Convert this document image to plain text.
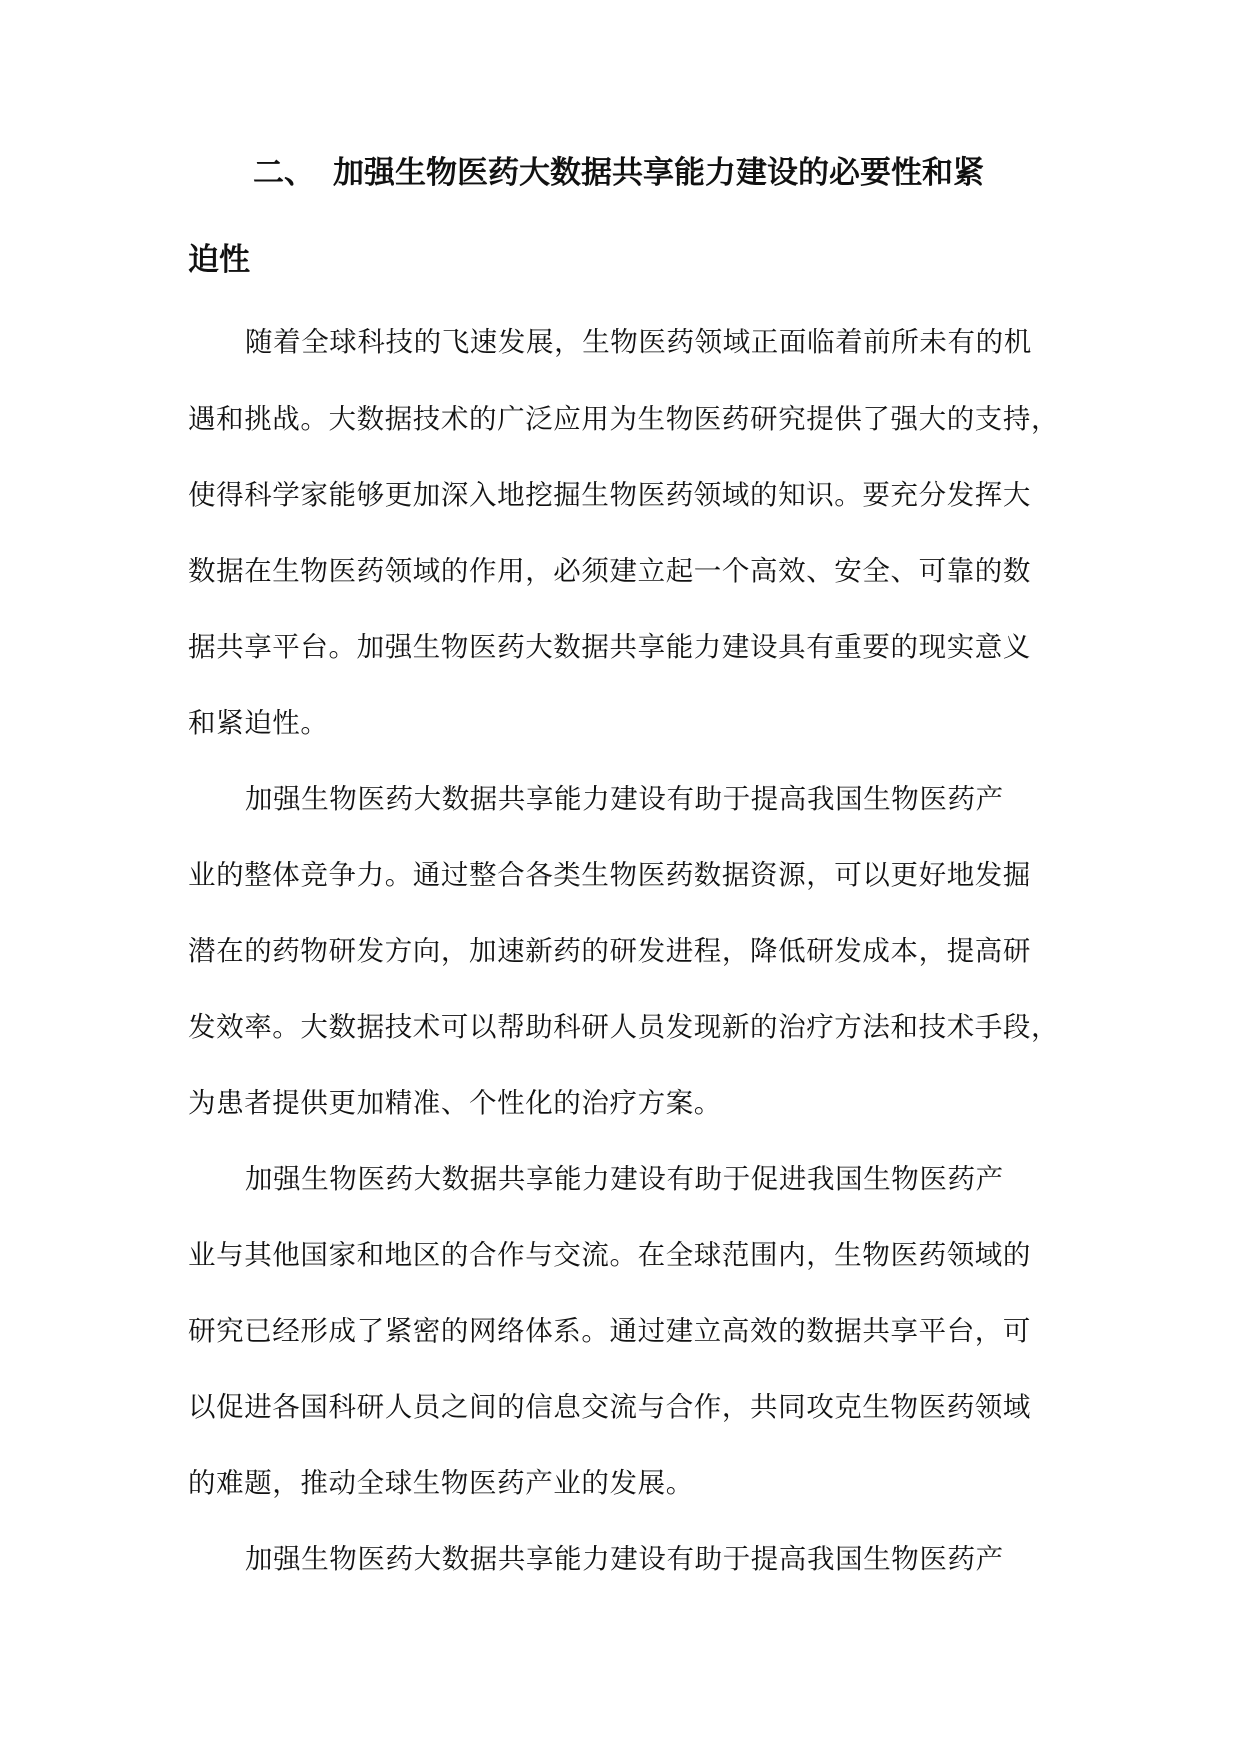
二、 加强生物医药大数据共享能力建设的必要性和紧
迫性
随着全球科技的飞速发展，生物医药领域正面临着前所未有的机
遇和挑战。大数据技术的广泛应用为生物医药研究提供了强大的支持，
使得科学家能够更加深入地挖掘生物医药领域的知识。要充分发挥大
数据在生物医药领域的作用，必须建立起一个高效、安全、可靠的数
据共享平台。加强生物医药大数据共享能力建设具有重要的现实意义
和紧迫性。
加强生物医药大数据共享能力建设有助于提高我国生物医药产
业的整体竞争力。通过整合各类生物医药数据资源，可以更好地发掘
潜在的药物研发方向，加速新药的研发进程，降低研发成本，提高研
发效率。大数据技术可以帮助科研人员发现新的治疗方法和技术手段，
为患者提供更加精准、个性化的治疗方案。
加强生物医药大数据共享能力建设有助于促进我国生物医药产
业与其他国家和地区的合作与交流。在全球范围内，生物医药领域的
研究已经形成了紧密的网络体系。通过建立高效的数据共享平台，可
以促进各国科研人员之间的信息交流与合作，共同攻克生物医药领域
的难题，推动全球生物医药产业的发展。
加强生物医药大数据共享能力建设有助于提高我国生物医药产
